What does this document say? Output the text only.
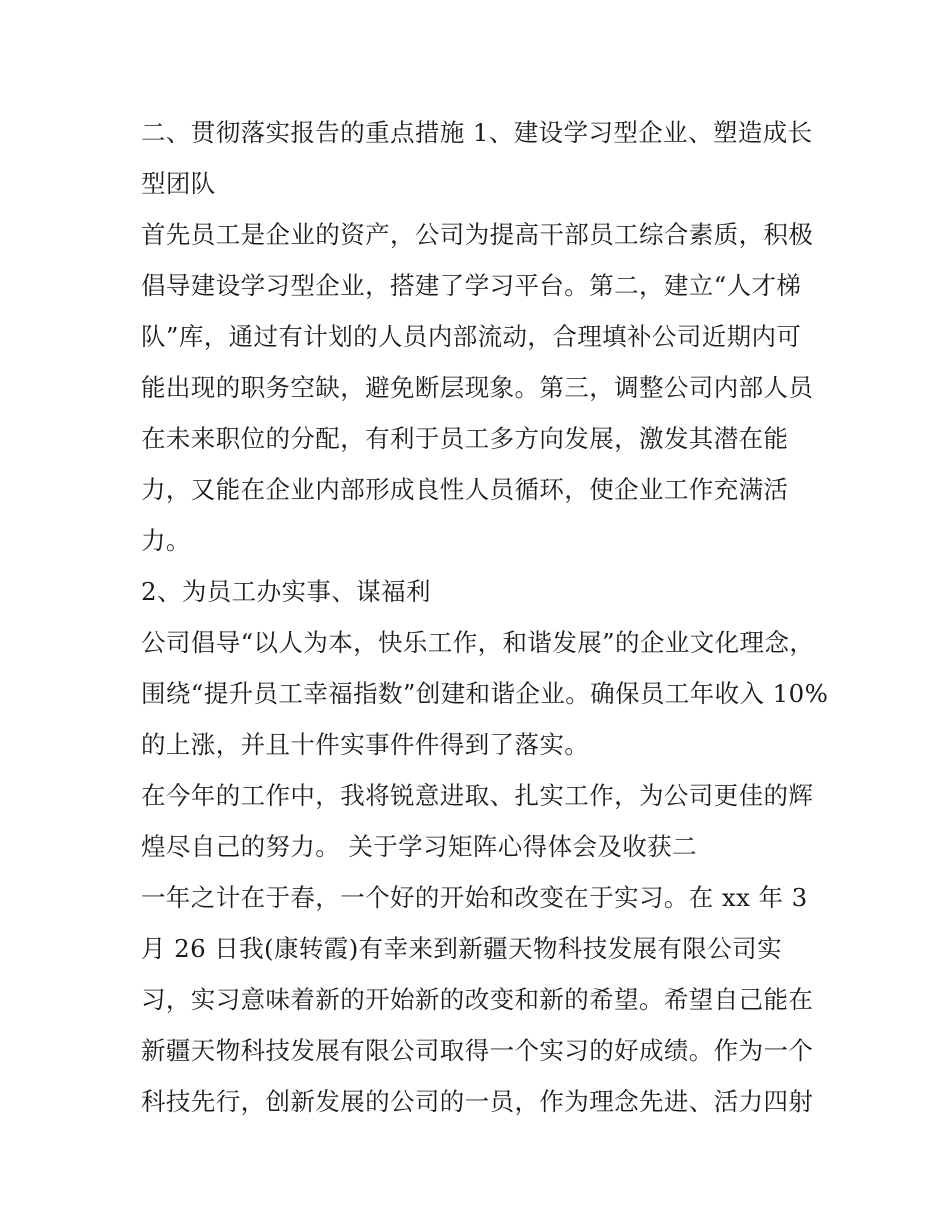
二、贯彻落实报告的重点措施 1、建设学习型企业、塑造成长
型团队
首先员工是企业的资产，公司为提高干部员工综合素质，积极
倡导建设学习型企业，搭建了学习平台。第二，建立“人才梯
队”库，通过有计划的人员内部流动，合理填补公司近期内可
能出现的职务空缺，避免断层现象。第三，调整公司内部人员
在未来职位的分配，有利于员工多方向发展，激发其潜在能
力，又能在企业内部形成良性人员循环，使企业工作充满活
力。
2、为员工办实事、谋福利
公司倡导“以人为本，快乐工作，和谐发展”的企业文化理念，
围绕“提升员工幸福指数”创建和谐企业。确保员工年收入 10%
的上涨，并且十件实事件件得到了落实。
在今年的工作中，我将锐意进取、扎实工作，为公司更佳的辉
煌尽自己的努力。 关于学习矩阵心得体会及收获二
一年之计在于春，一个好的开始和改变在于实习。在 xx 年 3
月 26 日我(康转霞)有幸来到新疆天物科技发展有限公司实
习，实习意味着新的开始新的改变和新的希望。希望自己能在
新疆天物科技发展有限公司取得一个实习的好成绩。作为一个
科技先行，创新发展的公司的一员，作为理念先进、活力四射
